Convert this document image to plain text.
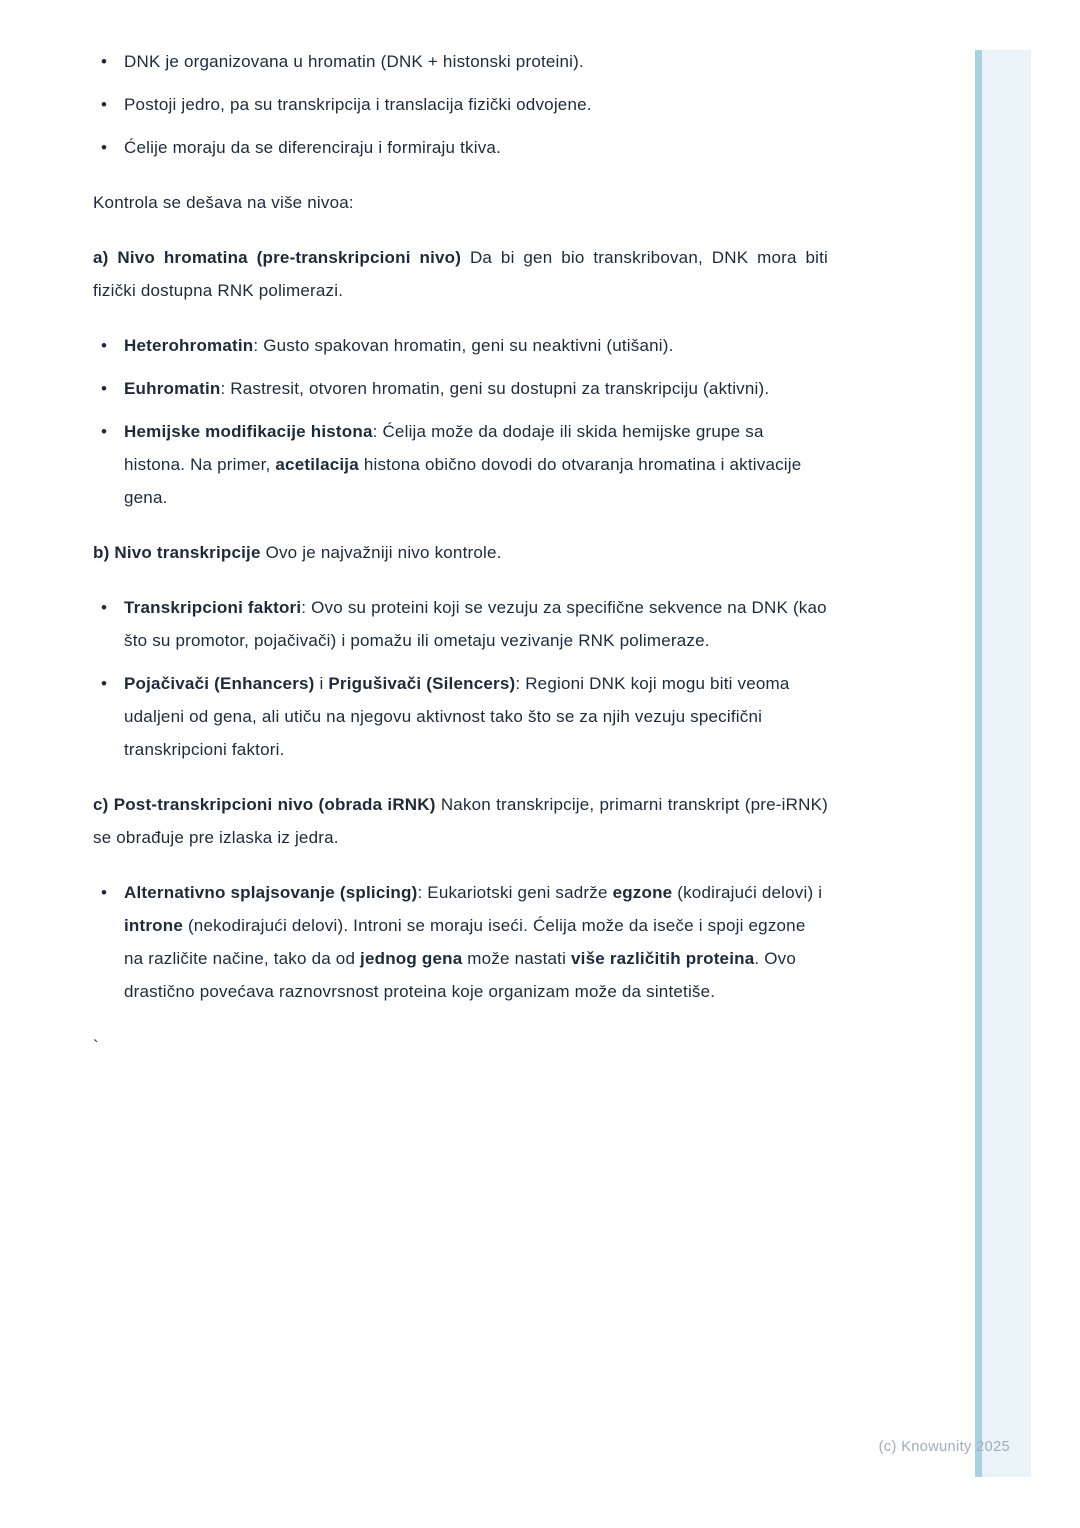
• DNK je organizovana u hromatin (DNK + histonski proteini).
• Postoji jedro, pa su transkripcija i translacija fizički odvojene.
• Ćelije moraju da se diferenciraju i formiraju tkiva.

Kontrola se dešava na više nivoa:

a) Nivo hromatina (pre-transkripcioni nivo) Da bi gen bio transkribovan, DNK mora biti fizički dostupna RNK polimerazi.

• Heterohromatin: Gusto spakovan hromatin, geni su neaktivni (utišani).
• Euhromatin: Rastresit, otvoren hromatin, geni su dostupni za transkripciju (aktivni).
• Hemijske modifikacije histona: Ćelija može da dodaje ili skida hemijske grupe sa histona. Na primer, acetilacija histona obično dovodi do otvaranja hromatina i aktivacije gena.

b) Nivo transkripcije Ovo je najvažniji nivo kontrole.

• Transkripcioni faktori: Ovo su proteini koji se vezuju za specifične sekvence na DNK (kao što su promotor, pojačivači) i pomažu ili ometaju vezivanje RNK polimeraze.
• Pojačivači (Enhancers) i Prigušivači (Silencers): Regioni DNK koji mogu biti veoma udaljeni od gena, ali utiču na njegovu aktivnost tako što se za njih vezuju specifični transkripcioni faktori.

c) Post-transkripcioni nivo (obrada iRNK) Nakon transkripcije, primarni transkript (pre-iRNK) se obrađuje pre izlaska iz jedra.

• Alternativno splajsovanje (splicing): Eukariotski geni sadrže egzone (kodirajući delovi) i introne (nekodirajući delovi). Introni se moraju iseći. Ćelija može da iseče i spoji egzone na različite načine, tako da od jednog gena može nastati više različitih proteina. Ovo drastično povećava raznovrsnost proteina koje organizam može da sintetiše.

`

(c) Knowunity 2025
